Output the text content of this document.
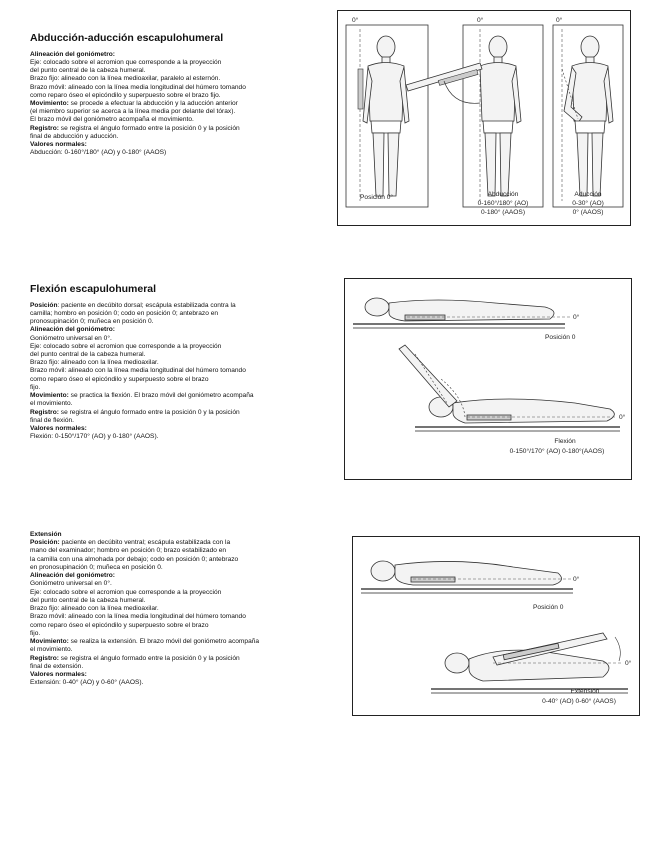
Abducción-aducción escapulohumeral

Alineación del goniómetro:

Eje: colocado sobre el acromion que corresponde a la proyección

del punto central de la cabeza humeral.

Brazo fijo: alineado con la línea medioaxilar, paralelo al esternón.

Brazo móvil: alineado con la línea media longitudinal del húmero tomando

como reparo óseo el epicóndilo y superpuesto sobre el brazo fijo.

Movimiento: se procede a efectuar la abducción y la aducción anterior

(el miembro superior se acerca a la línea media por delante del tórax).

El brazo móvil del goniómetro acompaña el movimiento.

Registro: se registra el ángulo formado entre la posición 0 y la posición

final de abducción y aducción.

Valores normales:

Abducción: 0-160°/180° (AO) y 0-180° (AAOS)

0°	0°	0°
Posición 0°	Abducción
0-160°/180° (AO)
0-180° (AAOS)
Aducción
0-30° (AO)
0° (AAOS)
Flexión escapulohumeral

Posición: paciente en decúbito dorsal; escápula estabilizada contra la

camilla; hombro en posición 0; codo en posición 0; antebrazo en

pronosupinación 0; muñeca en posición 0.

Alineación del goniómetro:

Goniómetro universal en 0°.

Eje: colocado sobre el acromion que corresponde a la proyección

del punto central de la cabeza humeral.

Brazo fijo: alineado con la línea medioaxilar.

Brazo móvil: alineado con la línea media longitudinal del húmero tomando

como reparo óseo el epicóndilo y superpuesto sobre el brazo

fijo.

Movimiento: se practica la flexión. El brazo móvil del goniómetro acompaña

el movimiento.

Registro: se registra el ángulo formado entre la posición 0 y la posición

final de flexión.

Valores normales:

Flexión: 0-150°/170° (AO) y 0-180° (AAOS).

0°
Posición 0
0°
Flexión
0-150°/170° (AO) 0-180°(AAOS)

Extensión

Posición: paciente en decúbito ventral; escápula estabilizada con la

mano del examinador; hombro en posición 0; brazo estabilizado en

la camilla con una almohada por debajo; codo en posición 0; antebrazo

en pronosupinación 0; muñeca en posición 0.

Alineación del goniómetro:

Goniómetro universal en 0°.

Eje: colocado sobre el acromion que corresponde a la proyección

del punto central de la cabeza humeral.

Brazo fijo: alineado con la línea medioaxilar.

Brazo móvil: alineado con la línea media longitudinal del húmero tomando

como reparo óseo el epicóndilo y superpuesto sobre el brazo

fijo.

Movimiento: se realiza la extensión. El brazo móvil del goniómetro acompaña

el movimiento.

Registro: se registra el ángulo formado entre la posición 0 y la posición

final de extensión.

Valores normales:

Extensión: 0-40° (AO) y 0-60° (AAOS).

0°
Posición 0
0°
Extensión
0-40° (AO) 0-60° (AAOS)
